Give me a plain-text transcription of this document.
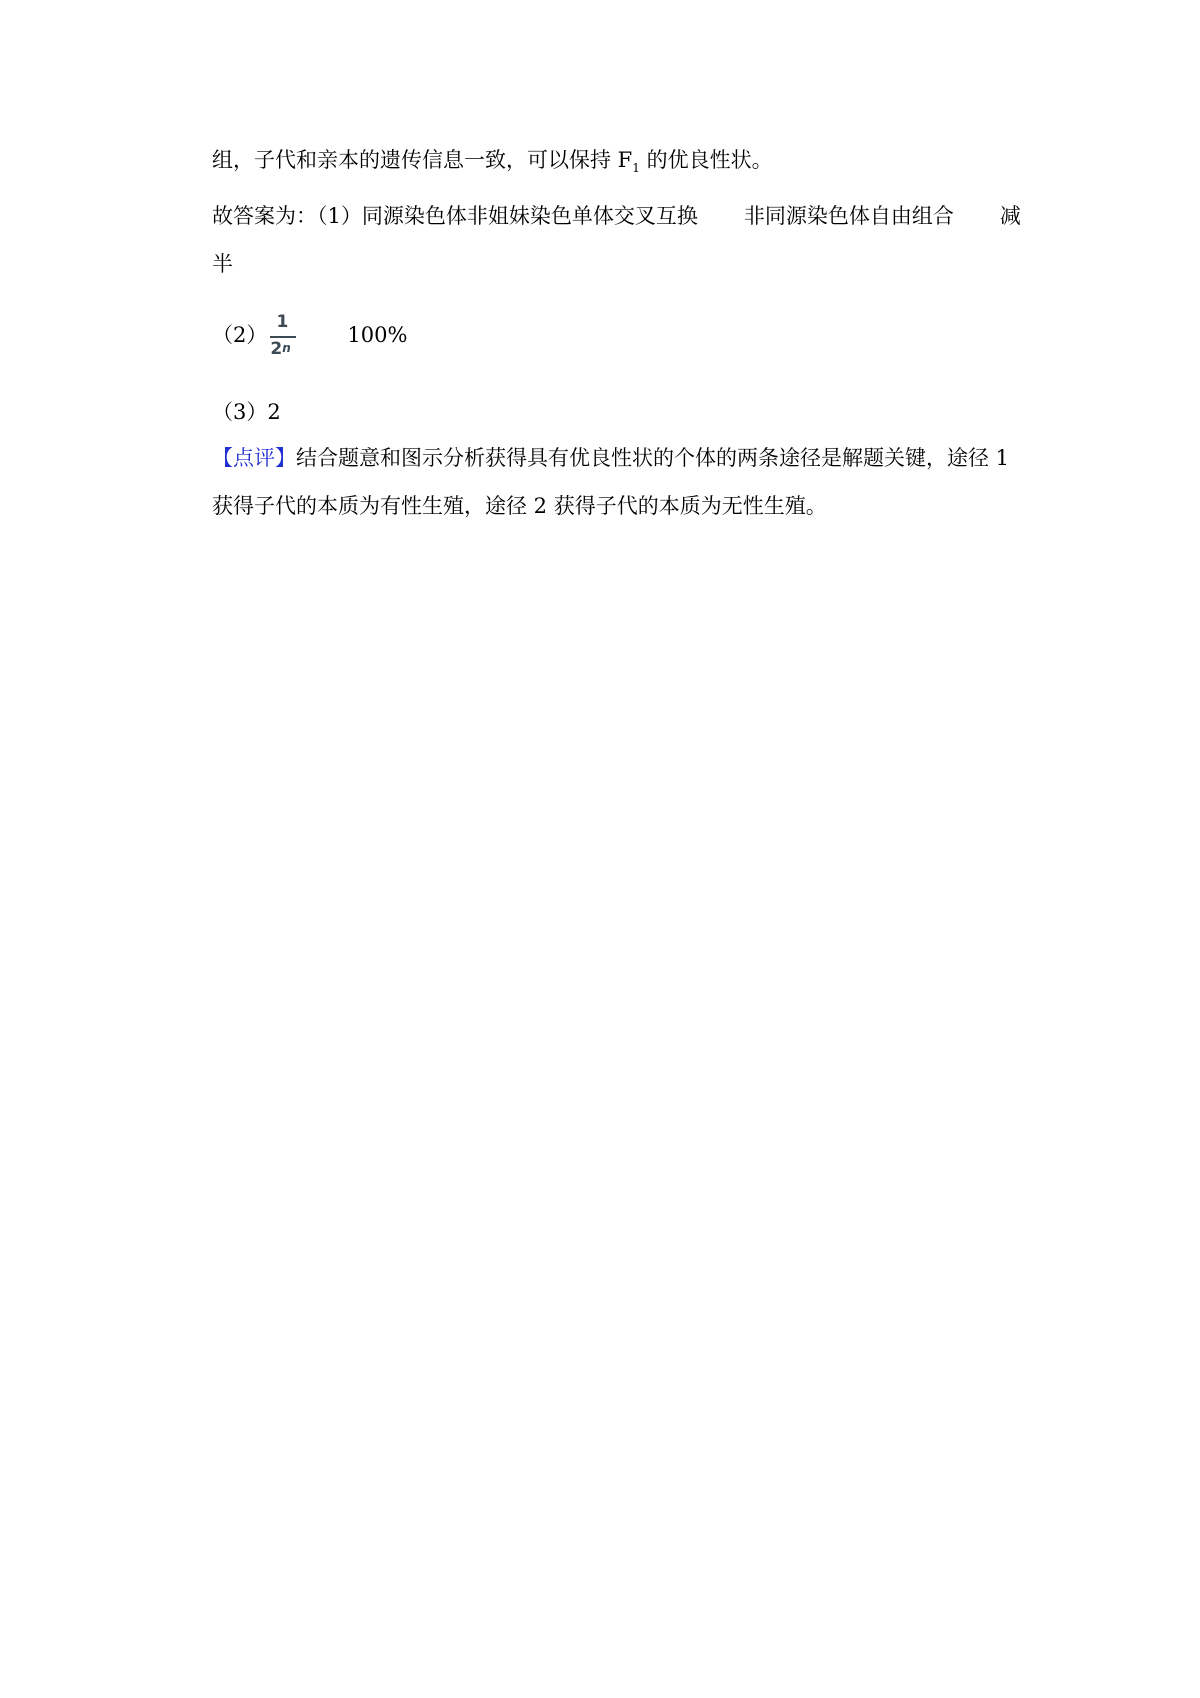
组，子代和亲本的遗传信息一致，可以保持 $F_1$ 的优良性状。
故答案为：（1）同源染色体非姐妹染色单体交叉互换 非同源染色体自由组合 减
半
$(2) \frac{1}{2^n} 100\%$
（3）2
【点评】结合题意和图示分析获得具有优良性状的个体的两条途径是解题关键，途径 1
获得子代的本质为有性生殖，途径 2 获得子代的本质为无性生殖。
